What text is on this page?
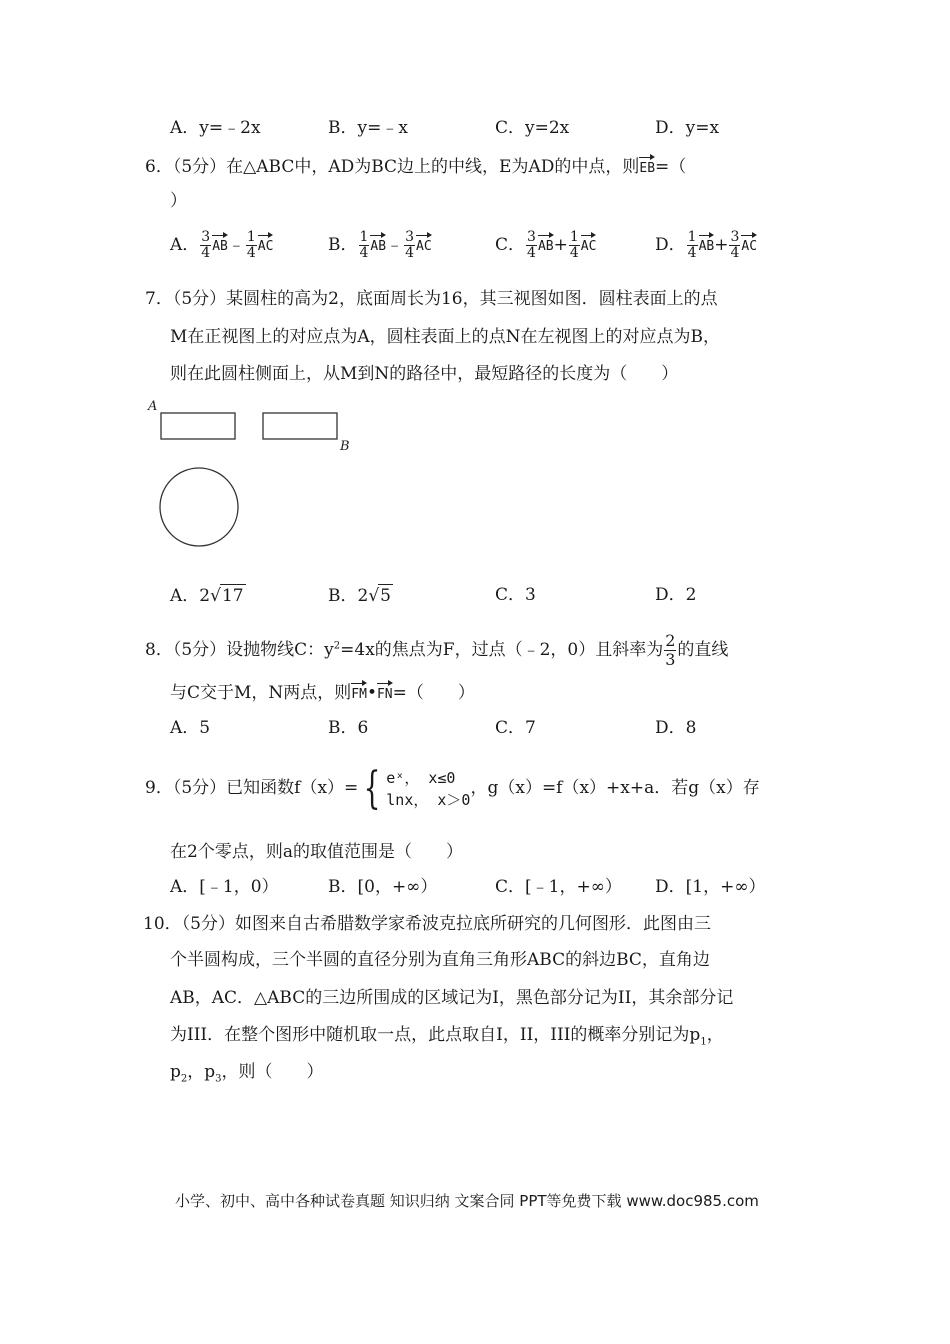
A．y=﹣2x	B．y=﹣x	C．y=2x	D．y=x
6．（5分）在△ABC中，AD为BC边上的中线，E为AD的中点，则EB=（
）
A． $\frac{3}{4}$ AB﹣ $\frac{1}{4}$ AC	B． $\frac{1}{4}$ AB﹣ $\frac{3}{4}$ AC	C． $\frac{3}{4} AB+ \frac{1}{4}$ AC	D． $\frac{1}{4} AB+ \frac{3}{4}$ AC
7．（5分）某圆柱的高为2，底面周长为16，其三视图如图．圆柱表面上的点
M在正视图上的对应点为A，圆柱表面上的点N在左视图上的对应点为B，
则在此圆柱侧面上，从M到N的路径中，最短路径的长度为（　　）
A
B
A．2√17	B．2√5	C．3	D．2
8．（5分）设抛物线C：$y^2=4x$的焦点为F，过点（﹣2，0）且斜率为 $\frac{2}{3}$ 的直线
与C交于M，N两点，则FM•FN=（　　）
A．5	B．6	C．7	D．8
9．（5分）已知函数f（x）= { eˣ， x≤0
lnx， x＞0
，g（x）=f（x）+x+a．若g（x）存
在2个零点，则a的取值范围是（　　）
A．[﹣1，0）	B．[0，+∞）	C．[﹣1，+∞） D．[1，+∞）
10．（5分）如图来自古希腊数学家希波克拉底所研究的几何图形．此图由三
个半圆构成，三个半圆的直径分别为直角三角形ABC的斜边BC，直角边
AB，AC．△ABC的三边所围成的区域记为I，黑色部分记为II，其余部分记
为III．在整个图形中随机取一点，此点取自I，II，III的概率分别记为$p_1$，
$p_2$，$p_3$，则（　　）
小学、初中、高中各种试卷真题 知识归纳 文案合同 PPT等免费下载 www.doc985.com
